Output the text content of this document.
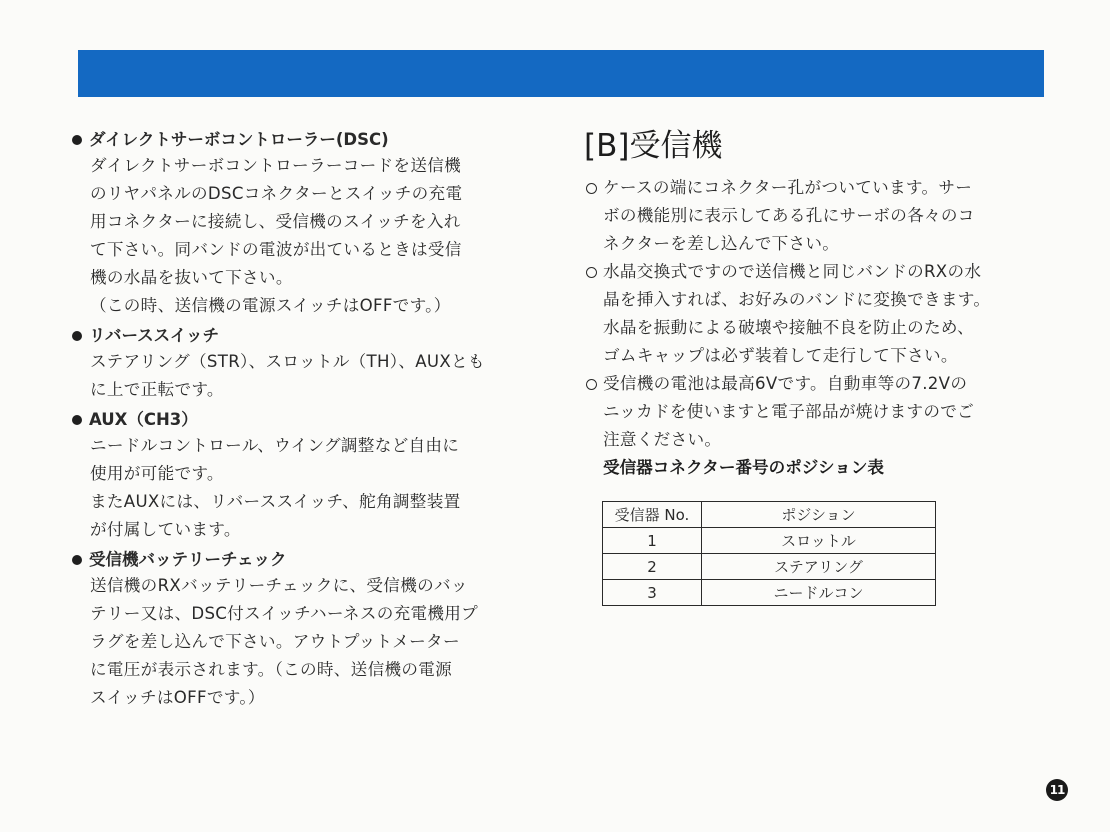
ダイレクトサーボコントローラー(DSC)
ダイレクトサーボコントローラーコードを送信機
のリヤパネルのDSCコネクターとスイッチの充電
用コネクターに接続し、受信機のスイッチを入れ
て下さい。同バンドの電波が出ているときは受信
機の水晶を抜いて下さい。
（この時、送信機の電源スイッチはOFFです。）
リバーススイッチ
ステアリング（STR）、スロットル（TH）、AUXとも
に上で正転です。
AUX（CH3）
ニードルコントロール、ウイング調整など自由に
使用が可能です。
またAUXには、リバーススイッチ、舵角調整装置
が付属しています。
受信機バッテリーチェック
送信機のRXバッテリーチェックに、受信機のバッ
テリー又は、DSC付スイッチハーネスの充電機用プ
ラグを差し込んで下さい。アウトプットメーター
に電圧が表示されます。（この時、送信機の電源
スイッチはOFFです。）
[B]受信機
ケースの端にコネクター孔がついています。サー
ボの機能別に表示してある孔にサーボの各々のコ
ネクターを差し込んで下さい。
水晶交換式ですので送信機と同じバンドのRXの水
晶を挿入すれば、お好みのバンドに変換できます。
水晶を振動による破壊や接触不良を防止のため、
ゴムキャップは必ず装着して走行して下さい。
受信機の電池は最高6Vです。自動車等の7.2Vの
ニッカドを使いますと電子部品が焼けますのでご
注意ください。
受信器コネクター番号のポジション表
受信器 No.	ポジション
1	スロットル
2	ステアリング
3	ニードルコン
11
